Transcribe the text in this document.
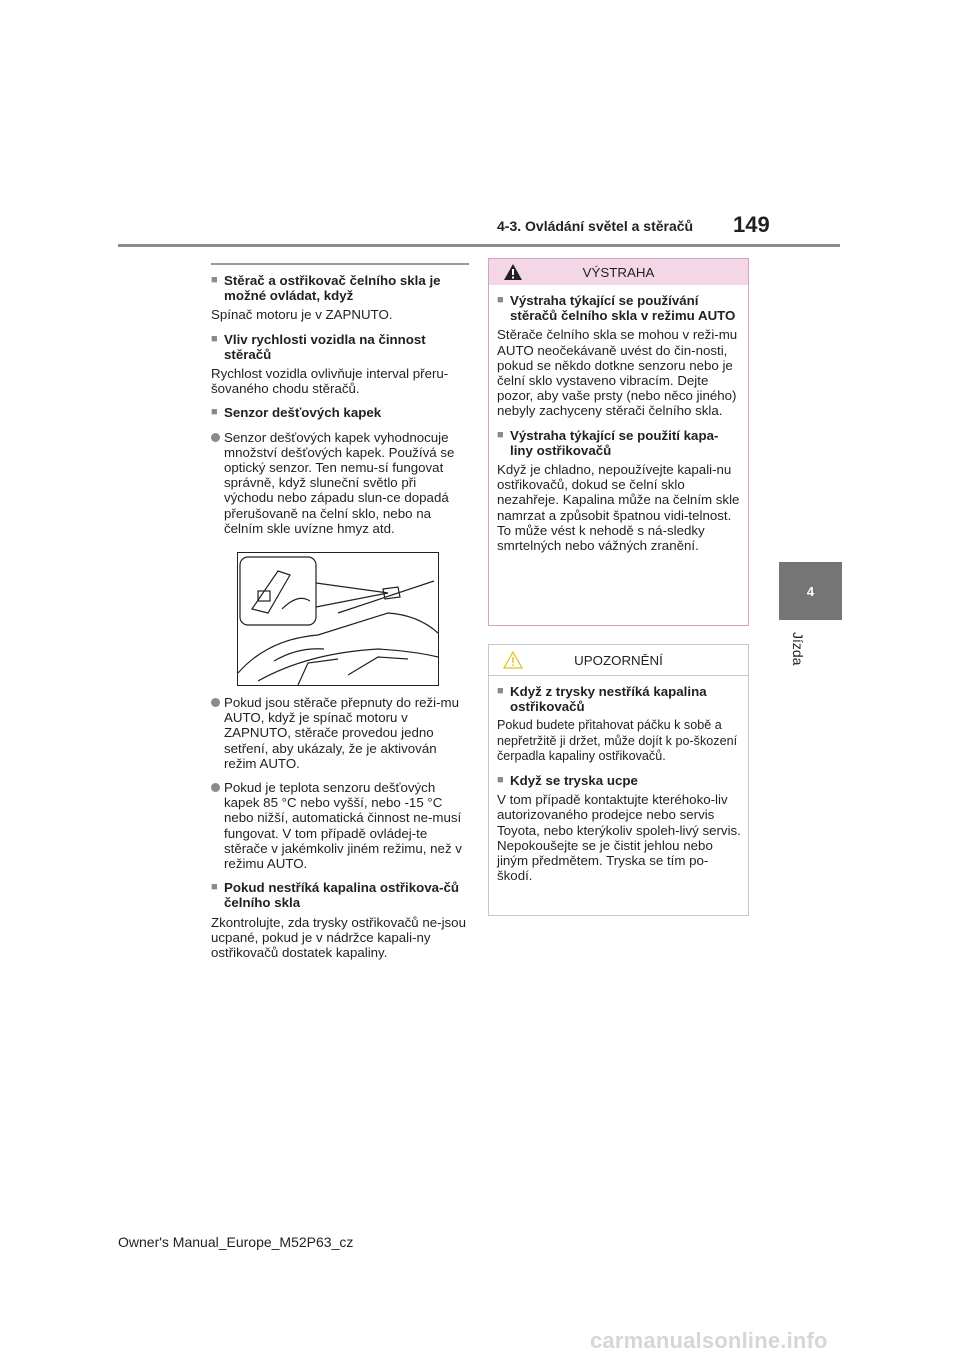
4-3. Ovládání světel a stěračů 149
4
Jízda

■ Stěrač a ostřikovač čelního skla je možné ovládat, když

Spínač motoru je v ZAPNUTO.

■ Vliv rychlosti vozidla na činnost stěračů

Rychlost vozidla ovlivňuje interval přeru-šovaného chodu stěračů.

■ Senzor dešťových kapek

Senzor dešťových kapek vyhodnocuje množství dešťových kapek. Používá se optický senzor. Ten nemu-sí fungovat správně, když sluneční světlo při východu nebo západu slun-ce dopadá přerušovaně na čelní sklo, nebo na čelním skle uvízne hmyz atd.

Pokud jsou stěrače přepnuty do reži-mu AUTO, když je spínač motoru v ZAPNUTO, stěrače provedou jedno setření, aby ukázaly, že je aktivován režim AUTO.

Pokud je teplota senzoru dešťových kapek 85 °C nebo vyšší, nebo -15 °C nebo nižší, automatická činnost ne-musí fungovat. V tom případě ovládej-te stěrače v jakémkoliv jiném režimu, než v režimu AUTO.

■ Pokud nestříká kapalina ostřikova-čů čelního skla

Zkontrolujte, zda trysky ostřikovačů ne-jsou ucpané, pokud je v nádržce kapali-ny ostřikovačů dostatek kapaliny.

VÝSTRAHA

■ Výstraha týkající se používání stěračů čelního skla v režimu AUTO

Stěrače čelního skla se mohou v reži-mu AUTO neočekávaně uvést do čin-nosti, pokud se někdo dotkne senzoru nebo je čelní sklo vystaveno vibracím. Dejte pozor, aby vaše prsty (nebo něco jiného) nebyly zachyceny stěrači čelního skla.

■ Výstraha týkající se použití kapa-liny ostřikovačů

Když je chladno, nepoužívejte kapali-nu ostřikovačů, dokud se čelní sklo nezahřeje. Kapalina může na čelním skle namrzat a způsobit špatnou vidi-telnost. To může vést k nehodě s ná-sledky smrtelných nebo vážných zranění.

UPOZORNĚNÍ

■ Když z trysky nestříká kapalina ostřikovačů

Pokud budete přitahovat páčku k sobě a nepřetržitě ji držet, může dojít k po-škození čerpadla kapaliny ostřikovačů.

■ Když se tryska ucpe

V tom případě kontaktujte kteréhoko-liv autorizovaného prodejce nebo servis Toyota, nebo kterýkoliv spoleh-livý servis. Nepokoušejte se je čistit jehlou nebo jiným předmětem. Tryska se tím po-škodí.

Owner's Manual_Europe_M52P63_cz
carmanualsonline.info
